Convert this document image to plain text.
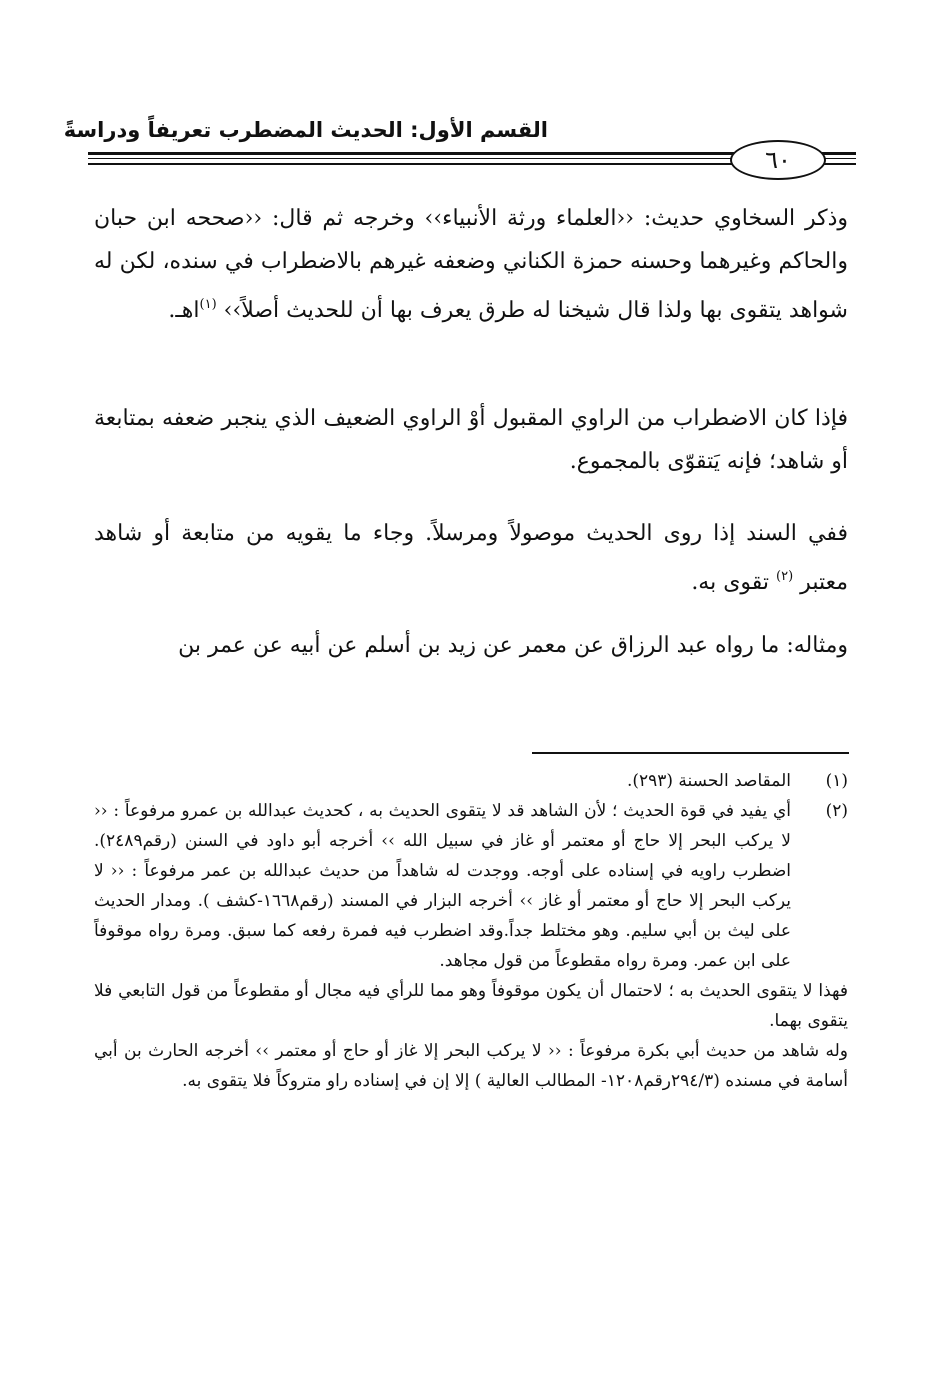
القسم الأول: الحديث المضطرب تعريفاً ودراسةً
٦٠
وذكر السخاوي حديث: ‹‹العلماء ورثة الأنبياء›› وخرجه ثم قال: ‹‹صححه ابن حبان والحاكم وغيرهما وحسنه حمزة الكناني وضعفه غيرهم بالاضطراب في سنده، لكن له شواهد يتقوى بها ولذا قال شيخنا له طرق يعرف بها أن للحديث أصلاً›› $^{(١)}$اهـ.
فإذا كان الاضطراب من الراوي المقبول أوْ الراوي الضعيف الذي ينجبر ضعفه بمتابعة أو شاهد؛ فإنه يَتقوّى بالمجموع.
ففي السند إذا روى الحديث موصولاً ومرسلاً. وجاء ما يقويه من متابعة أو شاهد معتبر $^{(٢)}$ تقوى به.
ومثاله: ما رواه عبد الرزاق عن معمر عن زيد بن أسلم عن أبيه عن عمر بن
(١)
المقاصد الحسنة (٢٩٣).
(٢)
أي يفيد في قوة الحديث ؛ لأن الشاهد قد لا يتقوى الحديث به ، كحديث عبدالله بن عمرو مرفوعاً : ‹‹ لا يركب البحر إلا حاج أو معتمر أو غاز في سبيل الله ›› أخرجه أبو داود في السنن (رقم٢٤٨٩). اضطرب راويه في إسناده على أوجه. ووجدت له شاهداً من حديث عبدالله بن عمر مرفوعاً : ‹‹ لا يركب البحر إلا حاج أو معتمر أو غاز ›› أخرجه البزار في المسند (رقم١٦٦٨-كشف ). ومدار الحديث على ليث بن أبي سليم. وهو مختلط جداً.وقد اضطرب فيه فمرة رفعه كما سبق. ومرة رواه موقوفاً على ابن عمر. ومرة رواه مقطوعاً من قول مجاهد.
فهذا لا يتقوى الحديث به ؛ لاحتمال أن يكون موقوفاً وهو مما للرأي فيه مجال أو مقطوعاً من قول التابعي فلا يتقوى بهما.
وله شاهد من حديث أبي بكرة مرفوعاً : ‹‹ لا يركب البحر إلا غاز أو حاج أو معتمر ›› أخرجه الحارث بن أبي أسامة في مسنده (٢٩٤/٣رقم١٢٠٨- المطالب العالية ) إلا إن في إسناده راو متروكاً فلا يتقوى به.
